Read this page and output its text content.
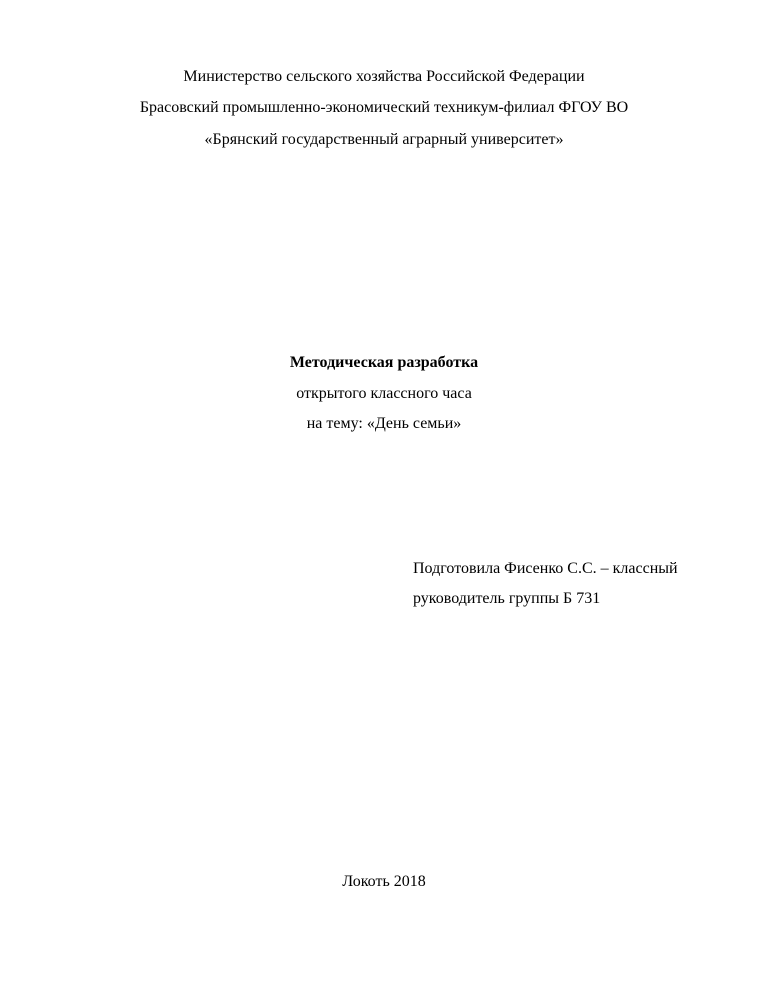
Министерство сельского хозяйства Российской Федерации
Брасовский промышленно-экономический техникум-филиал ФГОУ ВО
«Брянский государственный аграрный университет»
Методическая разработка
открытого классного часа
на тему: «День семьи»
Подготовила Фисенко С.С. – классный
руководитель группы Б 731
Локоть 2018
